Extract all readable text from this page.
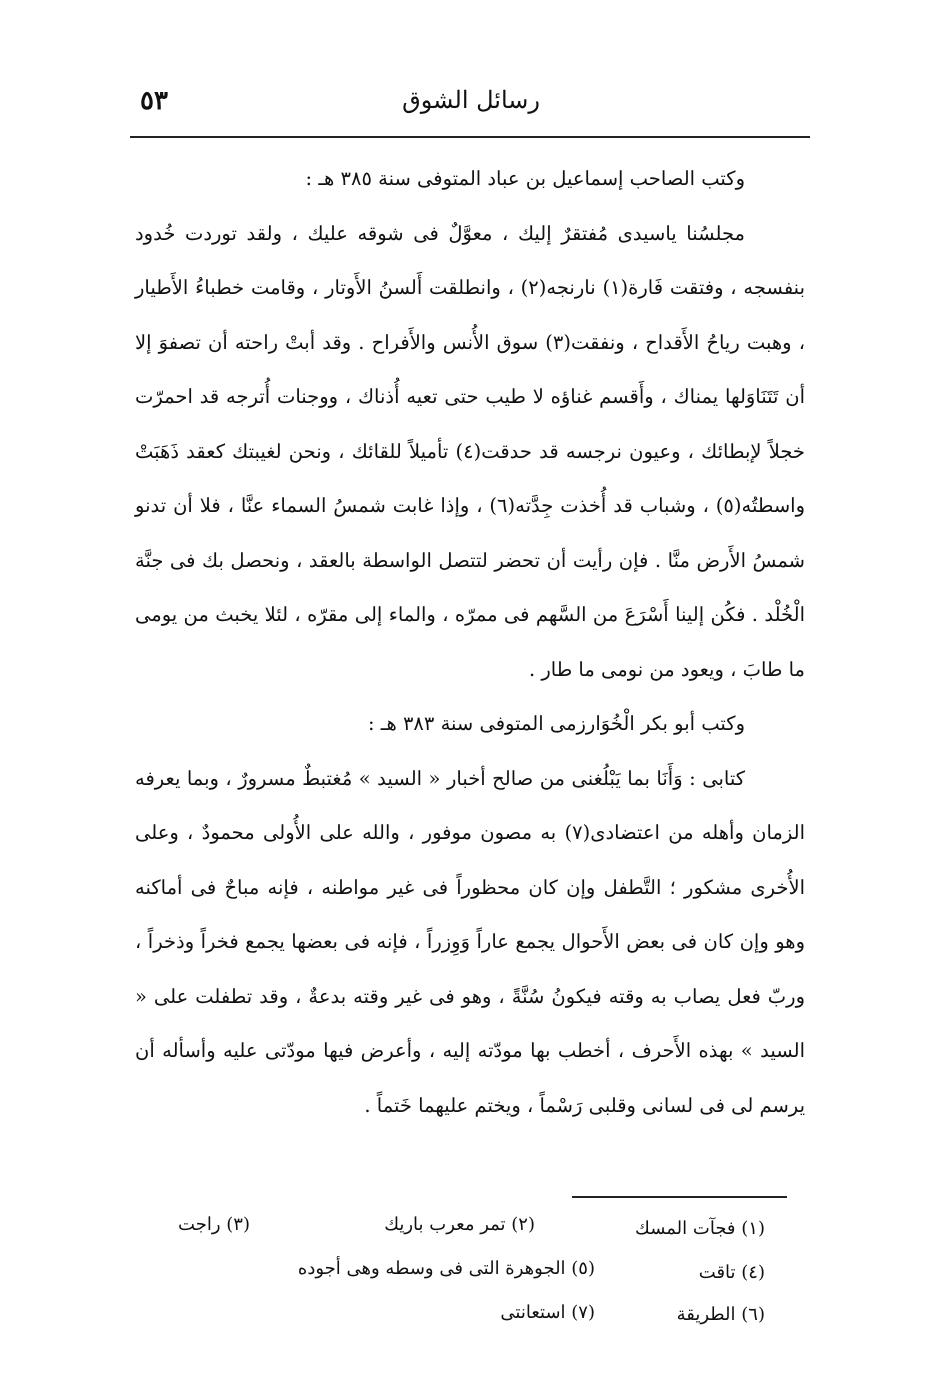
رسائل الشوق
٥٣

وكتب الصاحب إسماعيل بن عباد المتوفى سنة ٣٨٥ هـ :

مجلسُنا ياسيدى مُفتقرٌ إليك ، معوَّلٌ فى شوقه عليك ، ولقد توردت خُدود بنفسجه ، وفتقت فَارة(١) نارنجه(٢) ، وانطلقت أَلسنُ الأَوتار ، وقامت خطباءُ الأَطيار ، وهبت رياحُ الأَقداح ، ونفقت(٣) سوق الأُنس والأَفراح . وقد أبتْ راحته أن تصفوَ إلا أن تَتَنَاوَلها يمناك ، وأَقسم غناؤه لا طيب حتى تعيه أُذناك ، ووجنات أُترجه قد احمرّت خجلاً لإبطائك ، وعيون نرجسه قد حدقت(٤) تأميلاً للقائك ، ونحن لغيبتك كعقد ذَهَبَتْ واسطتُه(٥) ، وشباب قد أُخذت جِدَّته(٦) ، وإذا غابت شمسُ السماء عنَّا ، فلا أن تدنو شمسُ الأَرض منَّا . فإن رأيت أن تحضر لتتصل الواسطة بالعقد ، ونحصل بك فى جنَّة الْخُلْد . فكُن إلينا أَسْرَعَ من السَّهم فى ممرّه ، والماء إلى مقرّه ، لئلا يخبث من يومى ما طابَ ، ويعود من نومى ما طار .

وكتب أبو بكر الْخُوَارزمى المتوفى سنة ٣٨٣ هـ :

كتابى : وَأَنَا بما يَبْلُغنى من صالح أخبار « السيد » مُغتبطٌ مسرورٌ ، وبما يعرفه الزمان وأهله من اعتضادى(٧) به مصون موفور ، والله على الأُولى محمودٌ ، وعلى الأُخرى مشكور ؛ التَّطفل وإن كان محظوراً فى غير مواطنه ، فإنه مباحٌ فى أماكنه وهو وإن كان فى بعض الأَحوال يجمع عاراً وَوِزراً ، فإنه فى بعضها يجمع فخراً وذخراً ، وربّ فعل يصاب به وقته فيكونُ سُنَّةً ، وهو فى غير وقته بدعةٌ ، وقد تطفلت على « السيد » بهذه الأَحرف ، أخطب بها مودّته إليه ، وأعرض فيها مودّتى عليه وأسأله أن يرسم لى فى لسانى وقلبى رَسْماً ، ويختم عليهما خَتماً .

(١) فجآت المسك
(٢) تمر معرب باريك
(٣) راجت
(٤) تاقت
(٥) الجوهرة التى فى وسطه وهى أجوده
(٦) الطريقة
(٧) استعانتى
